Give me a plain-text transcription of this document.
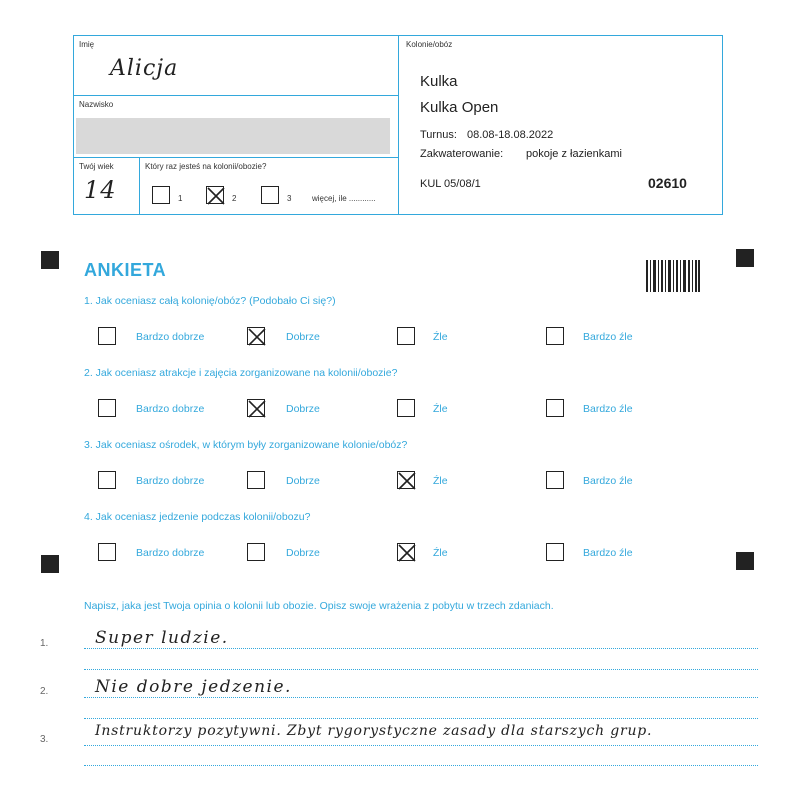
Imię
Alicja
Nazwisko
Twój wiek
14
Który raz jesteś na kolonii/obozie?
1	2	3	więcej, ile ............
Kolonie/obóz
Kulka
Kulka Open
Turnus: 08.08-18.08.2022
Zakwaterowanie: pokoje z łazienkami
KUL 05/08/1	02610
ANKIETA
1. Jak oceniasz całą kolonię/obóz? (Podobało Ci się?)
Bardzo dobrze	Dobrze	Źle	Bardzo źle
2. Jak oceniasz atrakcje i zajęcia zorganizowane na kolonii/obozie?
Bardzo dobrze	Dobrze	Źle	Bardzo źle
3. Jak oceniasz ośrodek, w którym były zorganizowane kolonie/obóz?
Bardzo dobrze	Dobrze	Źle	Bardzo źle
4. Jak oceniasz jedzenie podczas kolonii/obozu?
Bardzo dobrze	Dobrze	Źle	Bardzo źle
Napisz, jaka jest Twoja opinia o kolonii lub obozie. Opisz swoje wrażenia z pobytu w trzech zdaniach.
1.	Super ludzie.
2.	Nie dobre jedzenie.
3.
Instruktorzy pozytywni. Zbyt rygorystyczne zasady dla starszych grup.
